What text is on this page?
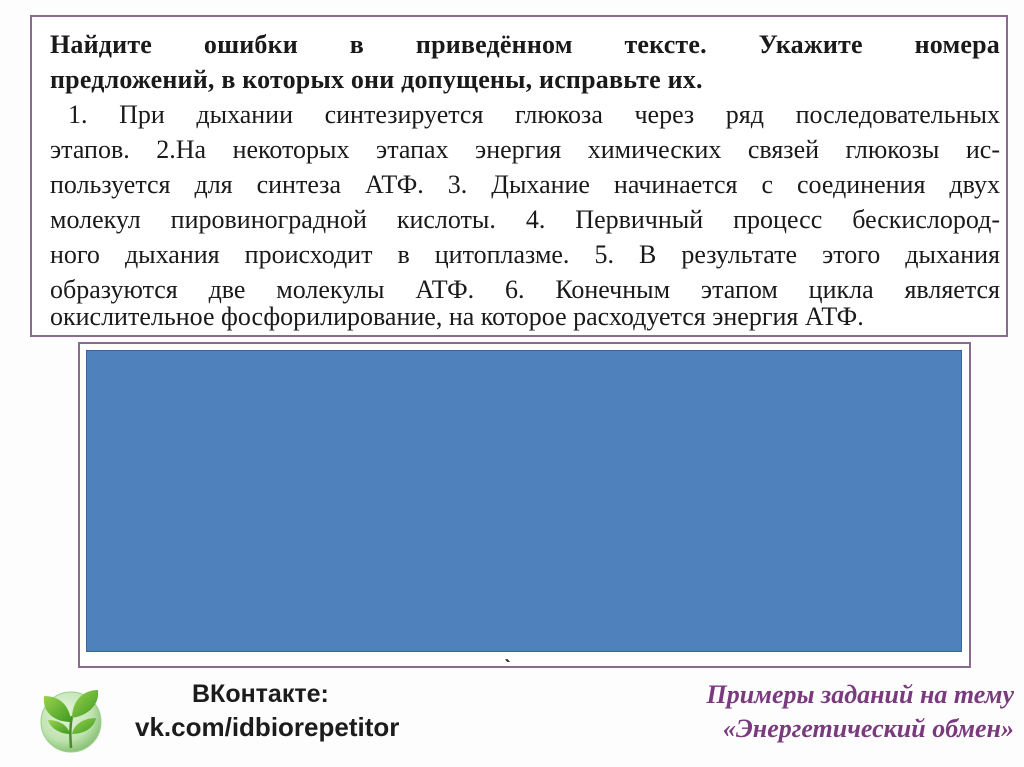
Найдите ошибки в приведённом тексте. Укажите номера

предложений, в которых они допущены, исправьте их.

1. При дыхании синтезируется глюкоза через ряд последовательных

этапов. 2.На некоторых этапах энергия химических связей глюкозы ис-

пользуется для синтеза АТФ. 3. Дыхание начинается с соединения двух

молекул пировиноградной кислоты. 4. Первичный процесс бескислород-

ного дыхания происходит в цитоплазме. 5. В результате этого дыхания

образуются две молекулы АТФ. 6. Конечным этапом цикла является

окислительное фосфорилирование, на которое расходуется энергия АТФ.

ВКонтакте:
vk.com/idbiorepetitor
Примеры заданий на тему
«Энергетический обмен»
